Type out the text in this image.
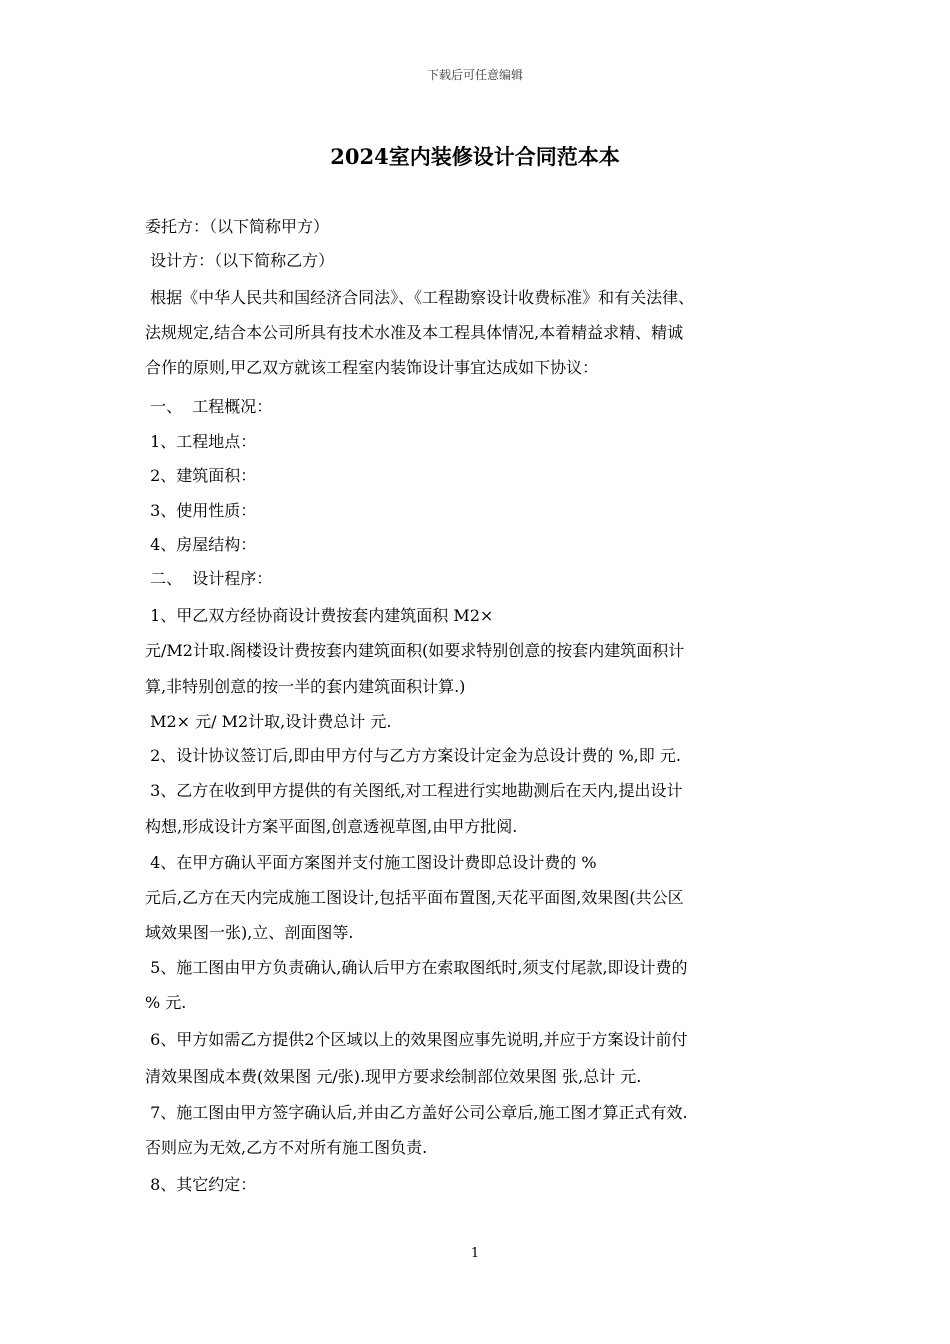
下载后可任意编辑
2024室内装修设计合同范本本
委托方：（以下简称甲方）
设计方：（以下简称乙方）
根据《中华人民共和国经济合同法》、《工程勘察设计收费标准》和有关法律、
法规规定,结合本公司所具有技术水准及本工程具体情况,本着精益求精、精诚
合作的原则,甲乙双方就该工程室内装饰设计事宜达成如下协议：
一、  工程概况：
1、工程地点：
2、建筑面积：
3、使用性质：
4、房屋结构：
二、  设计程序：
1、甲乙双方经协商设计费按套内建筑面积 M2×
元/M2计取.阁楼设计费按套内建筑面积(如要求特别创意的按套内建筑面积计
算,非特别创意的按一半的套内建筑面积计算.)
M2× 元/ M2计取,设计费总计 元.
2、设计协议签订后,即由甲方付与乙方方案设计定金为总设计费的 %,即 元.
3、乙方在收到甲方提供的有关图纸,对工程进行实地勘测后在天内,提出设计
构想,形成设计方案平面图,创意透视草图,由甲方批阅.
4、在甲方确认平面方案图并支付施工图设计费即总设计费的 %
元后,乙方在天内完成施工图设计,包括平面布置图,天花平面图,效果图(共公区
域效果图一张),立、剖面图等.
5、施工图由甲方负责确认,确认后甲方在索取图纸时,须支付尾款,即设计费的
% 元.
6、甲方如需乙方提供2个区域以上的效果图应事先说明,并应于方案设计前付
清效果图成本费(效果图 元/张).现甲方要求绘制部位效果图 张,总计 元.
7、施工图由甲方签字确认后,并由乙方盖好公司公章后,施工图才算正式有效.
否则应为无效,乙方不对所有施工图负责.
8、其它约定：
1
